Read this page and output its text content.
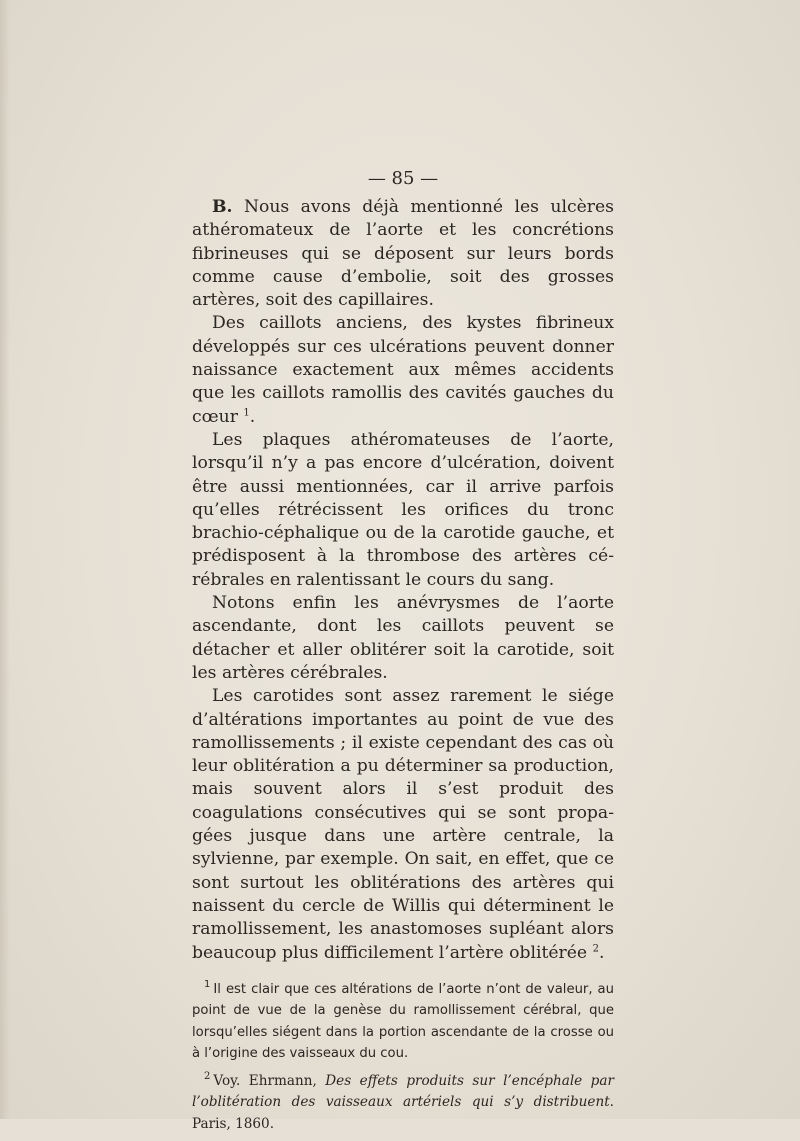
— 85 —

B. Nous avons déjà mentionné les ulcères athéromateux de l’aorte et les concrétions fibrineuses qui se déposent sur leurs bords comme cause d’embolie, soit des grosses artères, soit des capillaires.

Des caillots anciens, des kystes fibrineux développés sur ces ulcérations peuvent donner naissance exactement aux mêmes accidents que les caillots ramollis des cavités gauches du cœur $^1$.

Les plaques athéromateuses de l’aorte, lorsqu’il n’y a pas encore d’ulcération, doivent être aussi mentionnées, car il arrive parfois qu’elles rétrécissent les orifices du tronc brachio-céphalique ou de la carotide gauche, et prédisposent à la thrombose des artères cérébrales en ralentissant le cours du sang.

Notons enfin les anévrysmes de l’aorte ascendante, dont les caillots peuvent se détacher et aller oblitérer soit la carotide, soit les artères cérébrales.

Les carotides sont assez rarement le siége d’altérations importantes au point de vue des ramollissements ; il existe cependant des cas où leur oblitération a pu déterminer sa production, mais souvent alors il s’est produit des coagulations consécutives qui se sont propagées jusque dans une artère centrale, la sylvienne, par exemple. On sait, en effet, que ce sont surtout les oblitérations des artères qui naissent du cercle de Willis qui déterminent le ramollissement, les anastomoses supléant alors beaucoup plus difficilement l’artère oblitérée $^2$.

$^1$ Il est clair que ces altérations de l’aorte n’ont de valeur, au point de vue de la genèse du ramollissement cérébral, que lorsqu’elles siégent dans la portion ascendante de la crosse ou à l’origine des vaisseaux du cou.

$^2$ Voy. Ehrmann, Des effets produits sur l’encéphale par l’oblitération des vaisseaux artériels qui s’y distribuent. Paris, 1860.
